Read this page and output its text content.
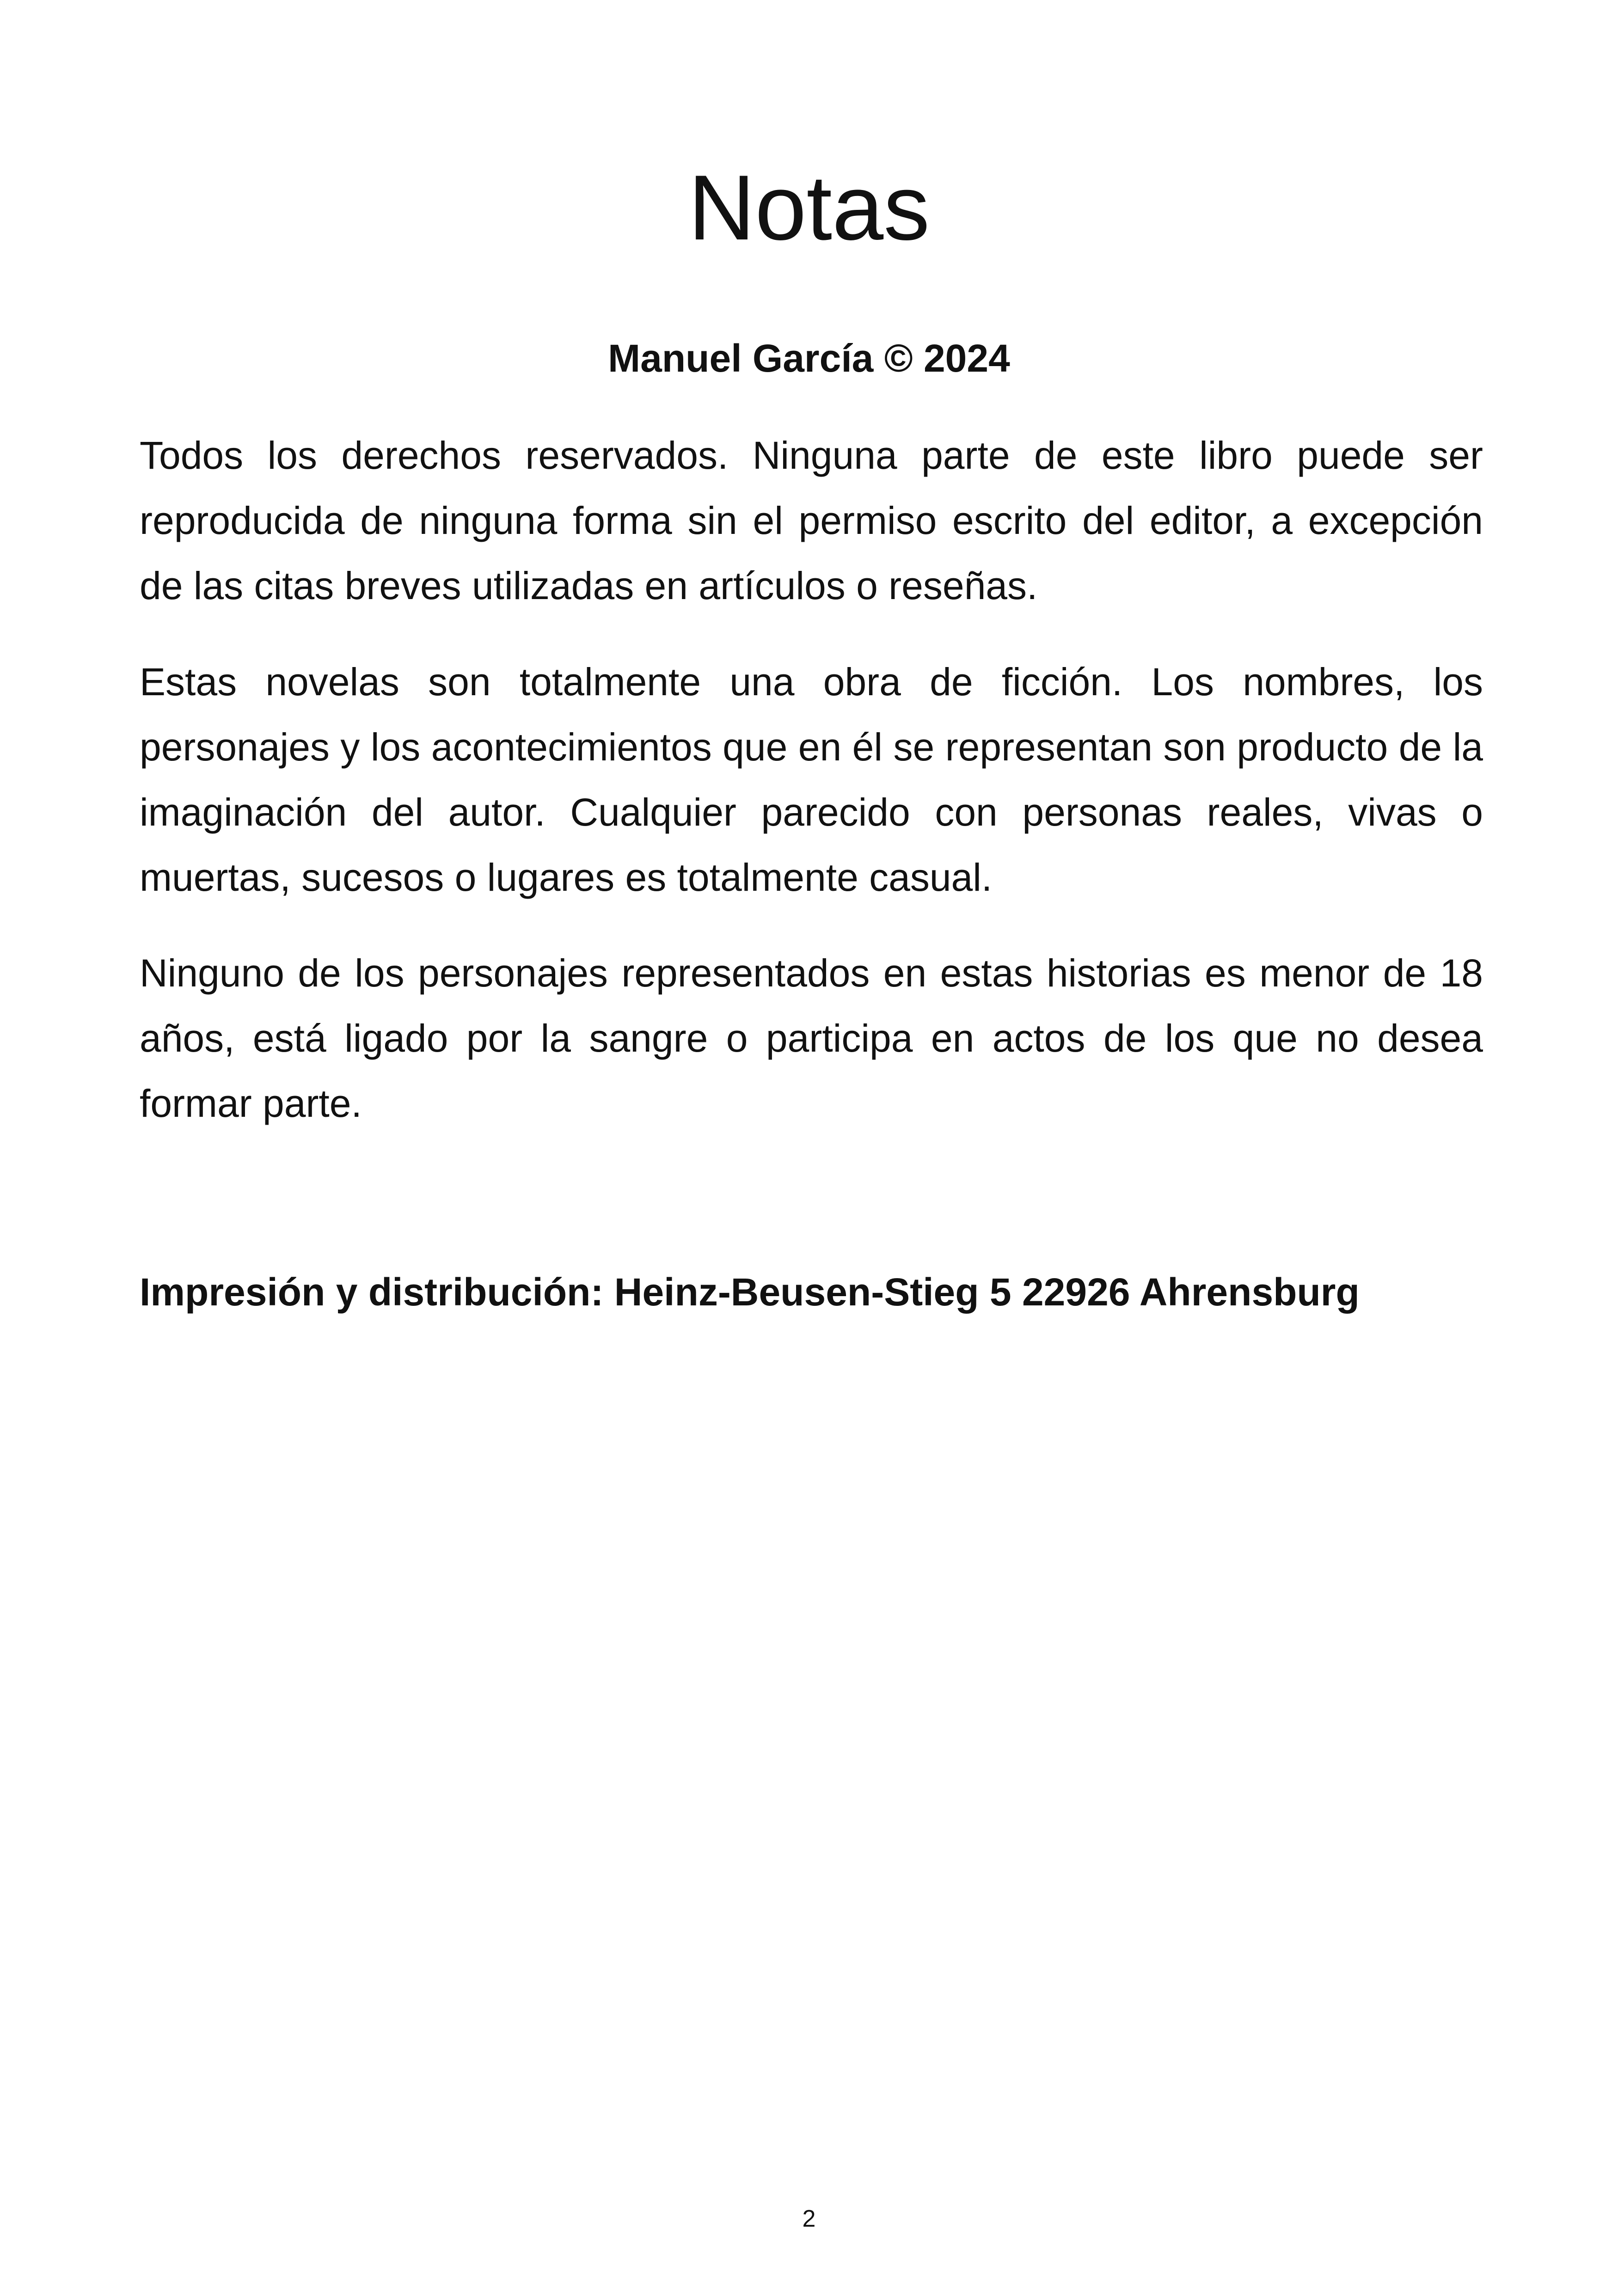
Notas

Manuel García © 2024

Todos los derechos reservados. Ninguna parte de este libro puede ser reproducida de ninguna forma sin el permiso escrito del editor, a excepción de las citas breves utilizadas en artículos o reseñas.

Estas novelas son totalmente una obra de ficción. Los nombres, los personajes y los acontecimientos que en él se representan son producto de la imaginación del autor. Cualquier parecido con personas reales, vivas o muertas, sucesos o lugares es totalmente casual.

Ninguno de los personajes representados en estas historias es menor de 18 años, está ligado por la sangre o participa en actos de los que no desea formar parte.

Impresión y distribución: Heinz-Beusen-Stieg 5 22926 Ahrensburg

2
